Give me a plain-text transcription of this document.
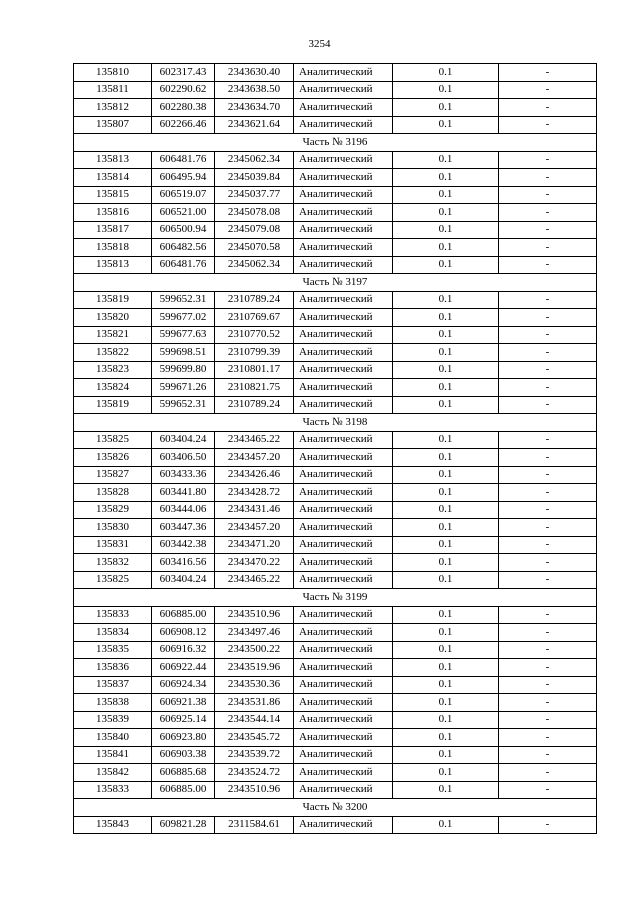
3254
135810	602317.43	2343630.40	Аналитический	0.1	-
135811	602290.62	2343638.50	Аналитический	0.1	-
135812	602280.38	2343634.70	Аналитический	0.1	-
135807	602266.46	2343621.64	Аналитический	0.1	-
Часть № 3196					
135813	606481.76	2345062.34	Аналитический	0.1	-
135814	606495.94	2345039.84	Аналитический	0.1	-
135815	606519.07	2345037.77	Аналитический	0.1	-
135816	606521.00	2345078.08	Аналитический	0.1	-
135817	606500.94	2345079.08	Аналитический	0.1	-
135818	606482.56	2345070.58	Аналитический	0.1	-
135813	606481.76	2345062.34	Аналитический	0.1	-
Часть № 3197					
135819	599652.31	2310789.24	Аналитический	0.1	-
135820	599677.02	2310769.67	Аналитический	0.1	-
135821	599677.63	2310770.52	Аналитический	0.1	-
135822	599698.51	2310799.39	Аналитический	0.1	-
135823	599699.80	2310801.17	Аналитический	0.1	-
135824	599671.26	2310821.75	Аналитический	0.1	-
135819	599652.31	2310789.24	Аналитический	0.1	-
Часть № 3198					
135825	603404.24	2343465.22	Аналитический	0.1	-
135826	603406.50	2343457.20	Аналитический	0.1	-
135827	603433.36	2343426.46	Аналитический	0.1	-
135828	603441.80	2343428.72	Аналитический	0.1	-
135829	603444.06	2343431.46	Аналитический	0.1	-
135830	603447.36	2343457.20	Аналитический	0.1	-
135831	603442.38	2343471.20	Аналитический	0.1	-
135832	603416.56	2343470.22	Аналитический	0.1	-
135825	603404.24	2343465.22	Аналитический	0.1	-
Часть № 3199					
135833	606885.00	2343510.96	Аналитический	0.1	-
135834	606908.12	2343497.46	Аналитический	0.1	-
135835	606916.32	2343500.22	Аналитический	0.1	-
135836	606922.44	2343519.96	Аналитический	0.1	-
135837	606924.34	2343530.36	Аналитический	0.1	-
135838	606921.38	2343531.86	Аналитический	0.1	-
135839	606925.14	2343544.14	Аналитический	0.1	-
135840	606923.80	2343545.72	Аналитический	0.1	-
135841	606903.38	2343539.72	Аналитический	0.1	-
135842	606885.68	2343524.72	Аналитический	0.1	-
135833	606885.00	2343510.96	Аналитический	0.1	-
Часть № 3200					
135843	609821.28	2311584.61	Аналитический	0.1	-
